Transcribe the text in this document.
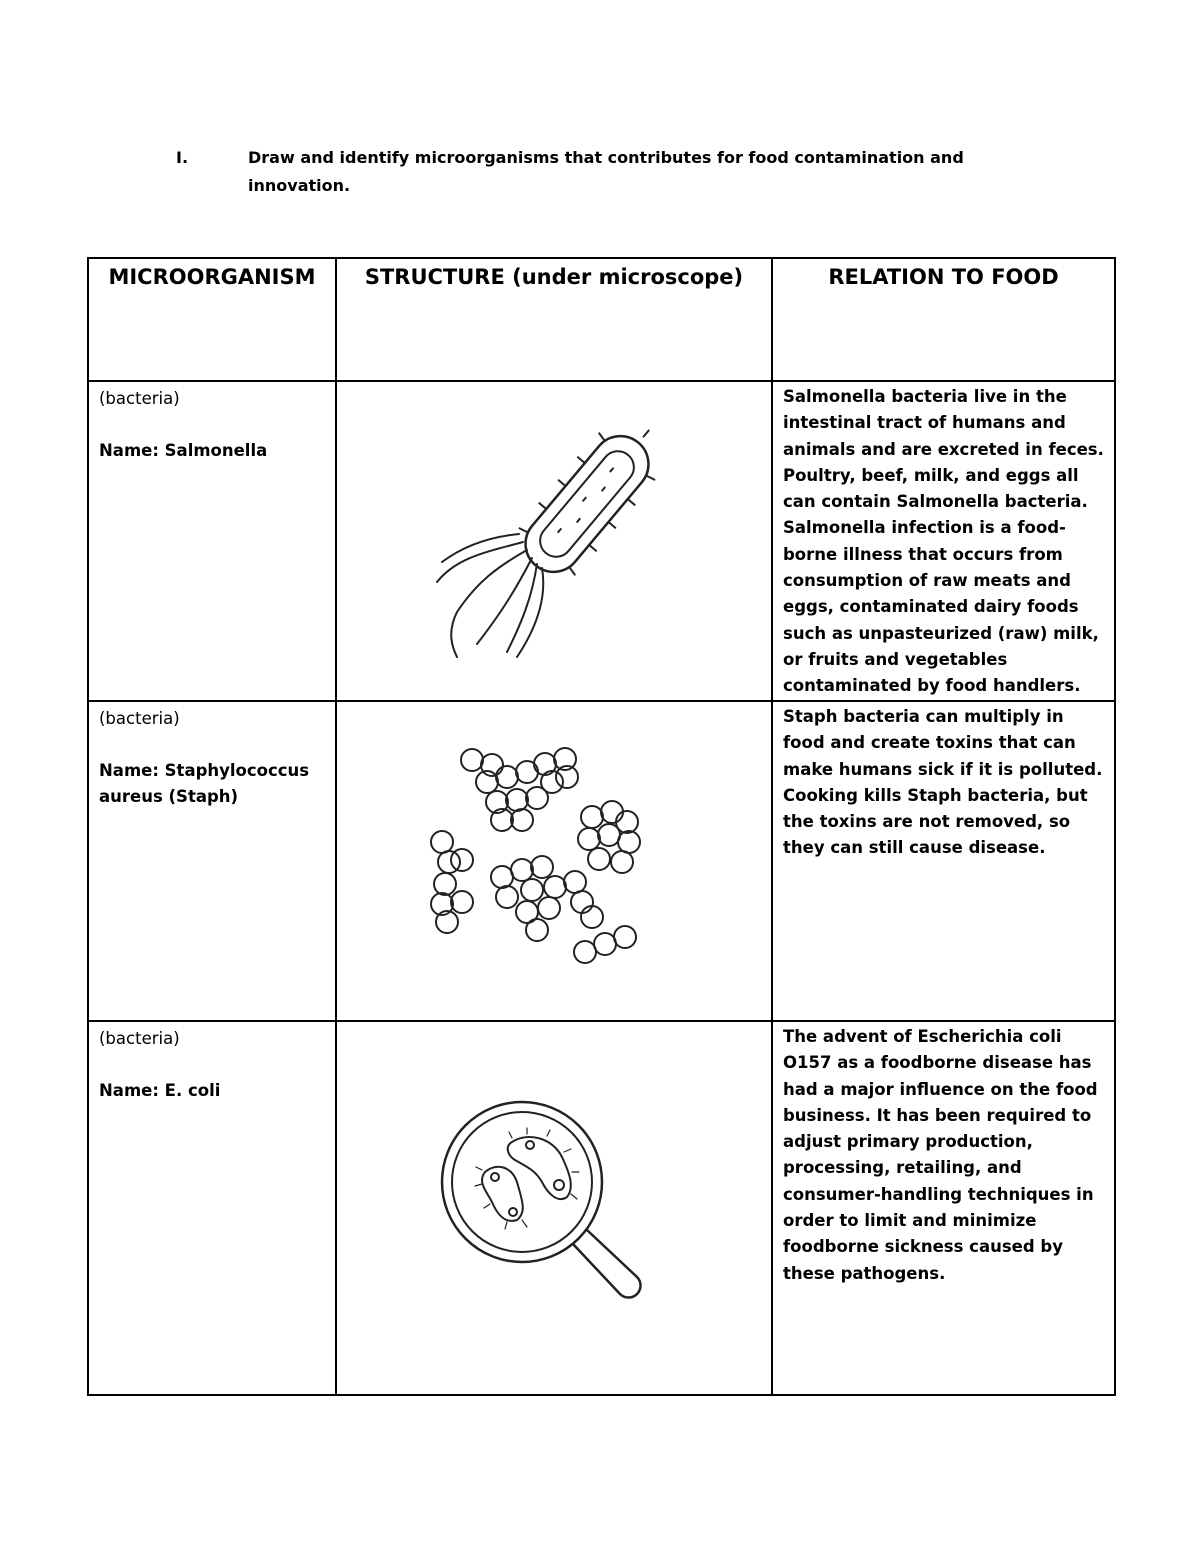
I.	Draw and identify microorganisms that contributes for food contamination and innovation.
MICROORGANISM	STRUCTURE (under microscope)	RELATION TO FOOD

(bacteria)
Name: Salmonella		Salmonella bacteria live in the intestinal tract of humans and animals and are excreted in feces. Poultry, beef, milk, and eggs all can contain Salmonella bacteria. Salmonella infection is a food-borne illness that occurs from consumption of raw meats and eggs, contaminated dairy foods such as unpasteurized (raw) milk, or fruits and vegetables contaminated by food handlers.

(bacteria)
Name: Staphylococcus aureus (Staph)		Staph bacteria can multiply in food and create toxins that can make humans sick if it is polluted. Cooking kills Staph bacteria, but the toxins are not removed, so they can still cause disease.

(bacteria)
Name: E. coli		The advent of Escherichia coli O157 as a foodborne disease has had a major influence on the food business. It has been required to adjust primary production, processing, retailing, and consumer-handling techniques in order to limit and minimize foodborne sickness caused by these pathogens.
